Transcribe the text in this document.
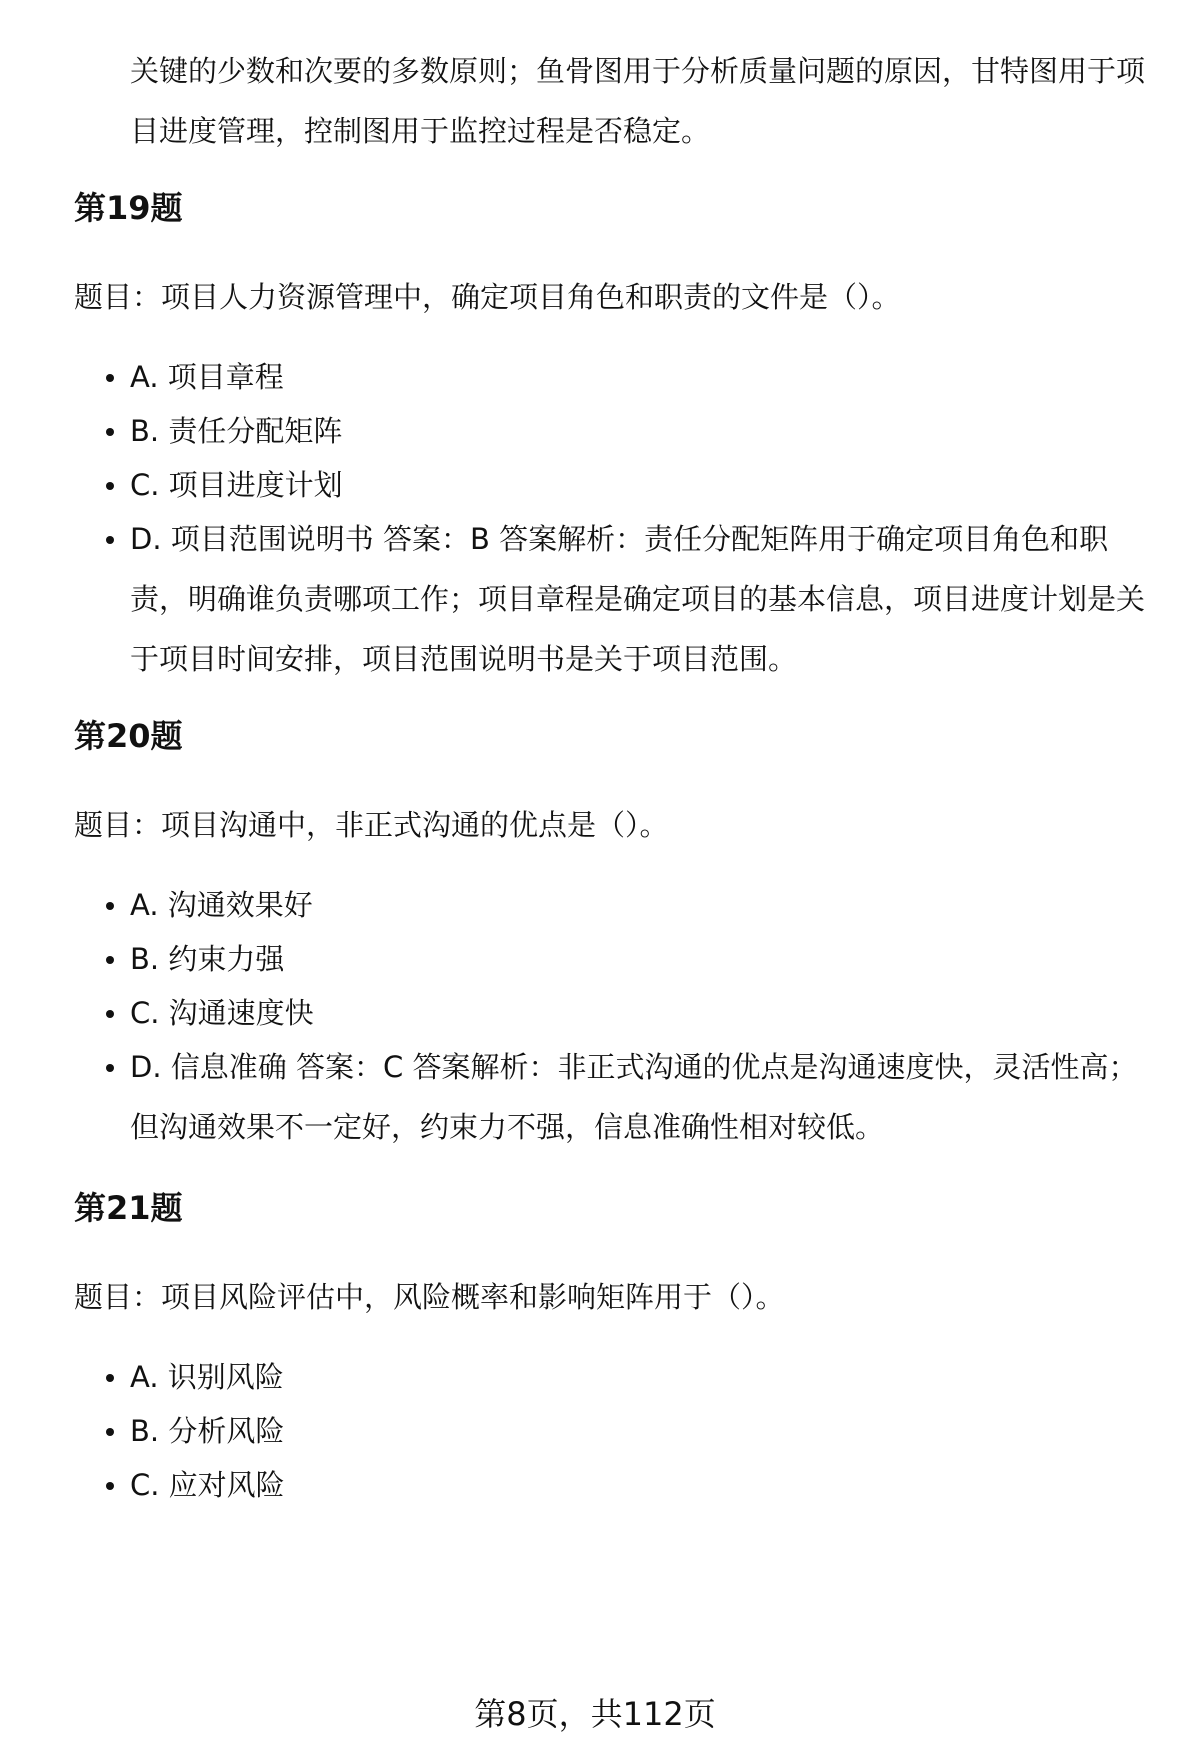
关键的少数和次要的多数原则；鱼骨图用于分析质量问题的原因，甘特图用于项目进度管理，控制图用于监控过程是否稳定。
第19题
题目：项目人力资源管理中，确定项目角色和职责的文件是（）。
A. 项目章程
B. 责任分配矩阵
C. 项目进度计划
D. 项目范围说明书 答案：B 答案解析：责任分配矩阵用于确定项目角色和职责，明确谁负责哪项工作；项目章程是确定项目的基本信息，项目进度计划是关于项目时间安排，项目范围说明书是关于项目范围。
第20题
题目：项目沟通中，非正式沟通的优点是（）。
A. 沟通效果好
B. 约束力强
C. 沟通速度快
D. 信息准确 答案：C 答案解析：非正式沟通的优点是沟通速度快，灵活性高；但沟通效果不一定好，约束力不强，信息准确性相对较低。
第21题
题目：项目风险评估中，风险概率和影响矩阵用于（）。
A. 识别风险
B. 分析风险
C. 应对风险
第8页，共112页
